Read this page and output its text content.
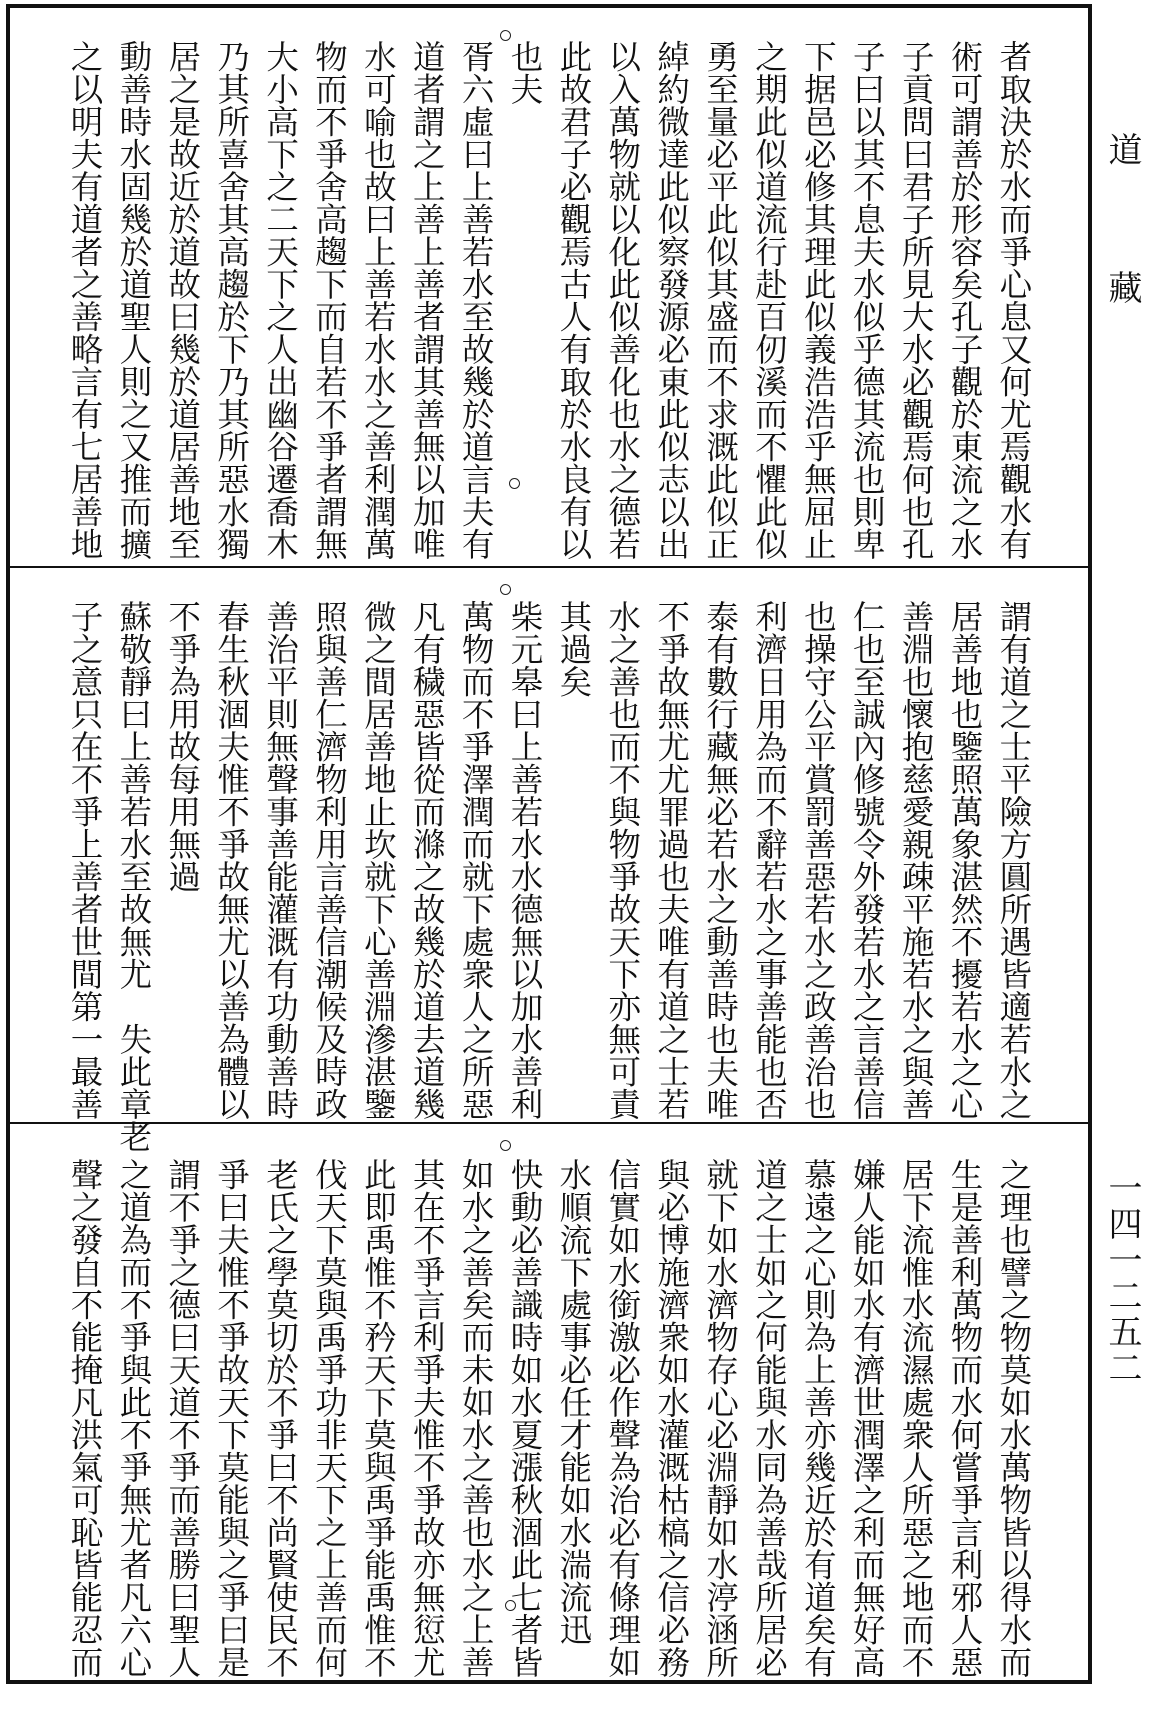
者取決於水而爭心息又何尤焉觀水有
術可謂善於形容矣孔子觀於東流之水
子貢問曰君子所見大水必觀焉何也孔
子曰以其不息夫水似乎德其流也則卑
下据邑必修其理此似義浩浩乎無屈止
之期此似道流行赴百仞溪而不懼此似
勇至量必平此似其盛而不求溉此似正
綽約微達此似察發源必東此似志以出
以入萬物就以化此似善化也水之德若
此故君子必觀焉古人有取於水良有以
也夫
胥六虛曰上善若水至故幾於道言夫有
道者謂之上善上善者謂其善無以加唯
水可喻也故曰上善若水水之善利潤萬
物而不爭舍高趨下而自若不爭者謂無
大小高下之二天下之人出幽谷遷喬木
乃其所喜舍其高趨於下乃其所惡水獨
居之是故近於道故曰幾於道居善地至
動善時水固幾於道聖人則之又推而擴
之以明夫有道者之善略言有七居善地
謂有道之士平險方圓所遇皆適若水之
居善地也鑒照萬象湛然不擾若水之心
善淵也懷抱慈愛親疎平施若水之與善
仁也至誠內修號令外發若水之言善信
也操守公平賞罰善惡若水之政善治也
利濟日用為而不辭若水之事善能也否
泰有數行藏無必若水之動善時也夫唯
不爭故無尤尤罪過也夫唯有道之士若
水之善也而不與物爭故天下亦無可責
其過矣
柴元皋曰上善若水水德無以加水善利
萬物而不爭澤潤而就下處衆人之所惡
凡有穢惡皆從而滌之故幾於道去道幾
微之間居善地止坎就下心善淵滲湛鑒
照與善仁濟物利用言善信潮候及時政
善治平則無聲事善能灌溉有功動善時
春生秋涸夫惟不爭故無尤以善為體以
不爭為用故每用無過
蘇敬靜曰上善若水至故無尤　失此章老
子之意只在不爭上善者世間第一最善
之理也譬之物莫如水萬物皆以得水而
生是善利萬物而水何嘗爭言利邪人惡
居下流惟水流濕處衆人所惡之地而不
嫌人能如水有濟世潤澤之利而無好高
慕遠之心則為上善亦幾近於有道矣有
道之士如之何能與水同為善哉所居必
就下如水濟物存心必淵靜如水渟涵所
與必博施濟衆如水灌溉枯槁之信必務
信實如水銜激必作聲為治必有條理如
水順流下處事必任才能如水湍流迅
快動必善識時如水夏漲秋涸此七者皆
如水之善矣而未如水之善也水之上善
其在不爭言利爭夫惟不爭故亦無愆尤
此即禹惟不矜天下莫與禹爭能禹惟不
伐天下莫與禹爭功非天下之上善而何
老氏之學莫切於不爭曰不尚賢使民不
爭曰夫惟不爭故天下莫能與之爭曰是
謂不爭之德曰天道不爭而善勝曰聖人
之道為而不爭與此不爭無尤者凡六心
聲之發自不能掩凡洪氣可恥皆能忍而
道
藏
一四一二五二
